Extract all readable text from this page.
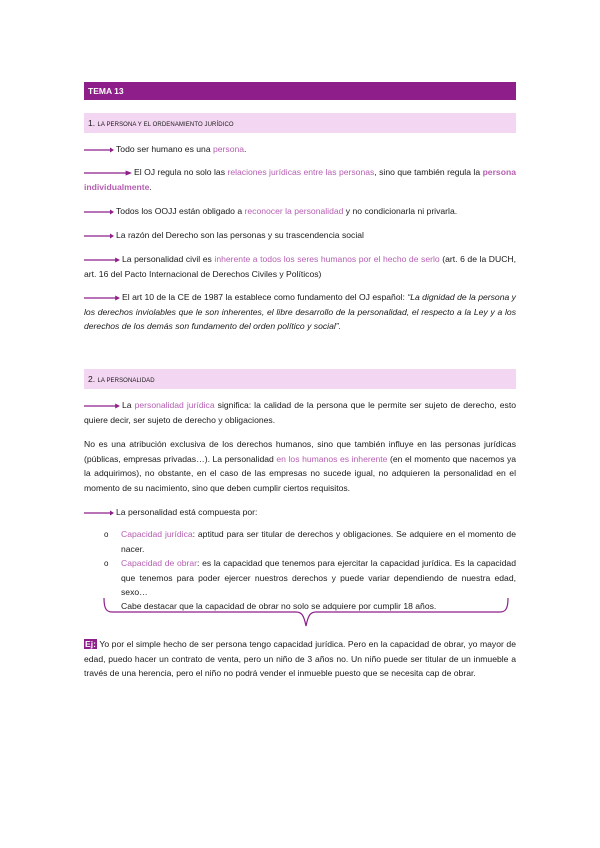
TEMA 13
1. LA PERSONA Y EL ORDENAMIENTO JURÍDICO
Todo ser humano es una persona.
El OJ regula no solo las relaciones jurídicas entre las personas, sino que también regula la persona individualmente.
Todos los OOJJ están obligado a reconocer la personalidad y no condicionarla ni privarla.
La razón del Derecho son las personas y su trascendencia social
La personalidad civil es inherente a todos los seres humanos por el hecho de serlo (art. 6 de la DUCH, art. 16 del Pacto Internacional de Derechos Civiles y Políticos)
El art 10 de la CE de 1987 la establece como fundamento del OJ español: “La dignidad de la persona y los derechos inviolables que le son inherentes, el libre desarrollo de la personalidad, el respecto a la Ley y a los derechos de los demás son fundamento del orden político y social”.
2. LA PERSONALIDAD
La personalidad jurídica significa: la calidad de la persona que le permite ser sujeto de derecho, esto quiere decir, ser sujeto de derecho y obligaciones.
No es una atribución exclusiva de los derechos humanos, sino que también influye en las personas jurídicas (públicas, empresas privadas…). La personalidad en los humanos es inherente (en el momento que nacemos ya la adquirimos), no obstante, en el caso de las empresas no sucede igual, no adquieren la personalidad en el momento de su nacimiento, sino que deben cumplir ciertos requisitos.
La personalidad está compuesta por:
o Capacidad jurídica: aptitud para ser titular de derechos y obligaciones. Se adquiere en el momento de nacer.
o Capacidad de obrar: es la capacidad que tenemos para ejercitar la capacidad jurídica. Es la capacidad que tenemos para poder ejercer nuestros derechos y puede variar dependiendo de nuestra edad, sexo…
Cabe destacar que la capacidad de obrar no solo se adquiere por cumplir 18 años.
Ej: Yo por el simple hecho de ser persona tengo capacidad jurídica. Pero en la capacidad de obrar, yo mayor de edad, puedo hacer un contrato de venta, pero un niño de 3 años no. Un niño puede ser titular de un inmueble a través de una herencia, pero el niño no podrá vender el inmueble puesto que se necesita cap de obrar.
